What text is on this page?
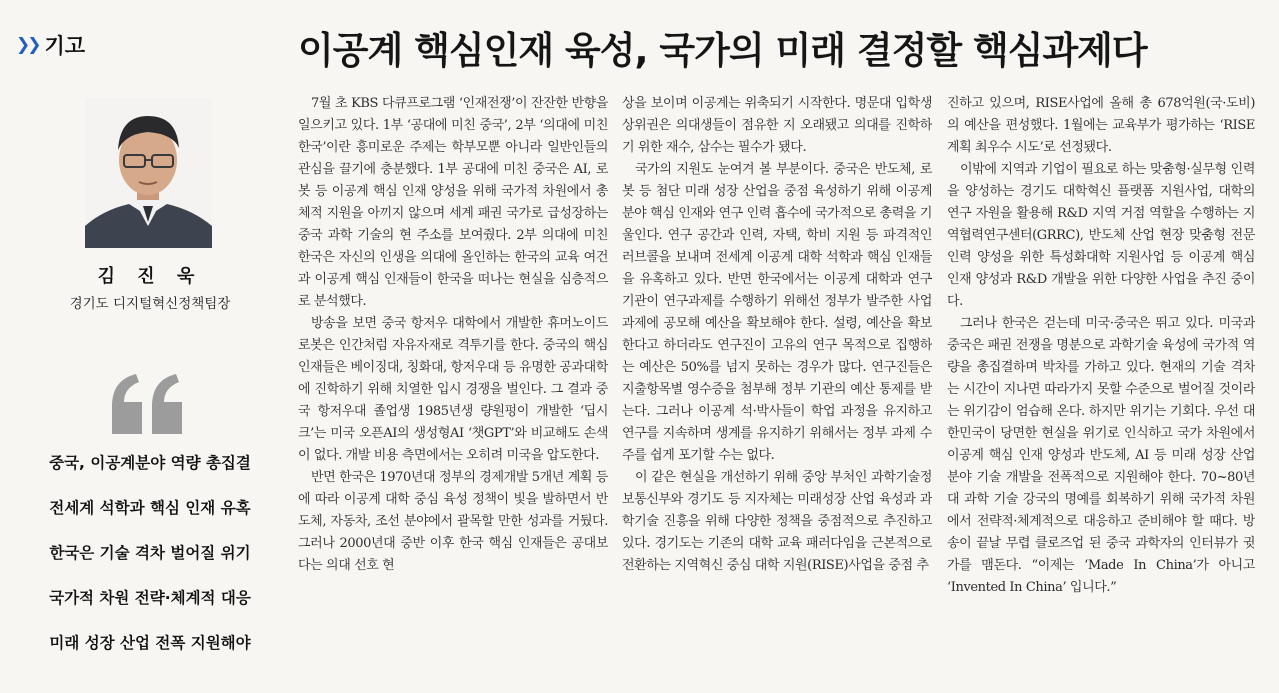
❯❯ 기고	이공계 핵심인재 육성, 국가의 미래 결정할 핵심과제다
김 진 욱
경기도 디지털혁신정책팀장
중국, 이공계분야 역량 총집결
전세계 석학과 핵심 인재 유혹
한국은 기술 격차 벌어질 위기
국가적 차원 전략·체계적 대응
미래 성장 산업 전폭 지원해야

7월 초 KBS 다큐프로그램 ‘인재전쟁’이 잔잔한 반향을 일으키고 있다. 1부 ‘공대에 미친 중국’, 2부 ‘의대에 미친 한국’이란 흥미로운 주제는 학부모뿐 아니라 일반인들의 관심을 끌기에 충분했다. 1부 공대에 미친 중국은 AI, 로봇 등 이공계 핵심 인재 양성을 위해 국가적 차원에서 총체적 지원을 아끼지 않으며 세계 패권 국가로 급성장하는 중국 과학 기술의 현 주소를 보여줬다. 2부 의대에 미친 한국은 자신의 인생을 의대에 올인하는 한국의 교육 여건과 이공계 핵심 인재들이 한국을 떠나는 현실을 심층적으로 분석했다.

방송을 보면 중국 항저우 대학에서 개발한 휴머노이드 로봇은 인간처럼 자유자재로 격투기를 한다. 중국의 핵심 인재들은 베이징대, 칭화대, 항저우대 등 유명한 공과대학에 진학하기 위해 치열한 입시 경쟁을 벌인다. 그 결과 중국 항저우대 졸업생 1985년생 량원펑이 개발한 ‘딥시크’는 미국 오픈AI의 생성형AI ‘챗GPT’와 비교해도 손색이 없다. 개발 비용 측면에서는 오히려 미국을 압도한다.

반면 한국은 1970년대 정부의 경제개발 5개년 계획 등에 따라 이공계 대학 중심 육성 정책이 빛을 발하면서 반도체, 자동차, 조선 분야에서 괄목할 만한 성과를 거뒀다. 그러나 2000년대 중반 이후 한국 핵심 인재들은 공대보다는 의대 선호 현

상을 보이며 이공계는 위축되기 시작한다. 명문대 입학생 상위권은 의대생들이 점유한 지 오래됐고 의대를 진학하기 위한 재수, 삼수는 필수가 됐다.

국가의 지원도 눈여겨 볼 부분이다. 중국은 반도체, 로봇 등 첨단 미래 성장 산업을 중점 육성하기 위해 이공계 분야 핵심 인재와 연구 인력 흡수에 국가적으로 총력을 기울인다. 연구 공간과 인력, 자택, 학비 지원 등 파격적인 러브콜을 보내며 전세계 이공계 대학 석학과 핵심 인재들을 유혹하고 있다. 반면 한국에서는 이공계 대학과 연구 기관이 연구과제를 수행하기 위해선 정부가 발주한 사업 과제에 공모해 예산을 확보해야 한다. 설령, 예산을 확보한다고 하더라도 연구진이 고유의 연구 목적으로 집행하는 예산은 50%를 넘지 못하는 경우가 많다. 연구진들은 지출항목별 영수증을 첨부해 정부 기관의 예산 통제를 받는다. 그러나 이공계 석·박사들이 학업 과정을 유지하고 연구를 지속하며 생계를 유지하기 위해서는 정부 과제 수주를 쉽게 포기할 수는 없다.

이 같은 현실을 개선하기 위해 중앙 부처인 과학기술정보통신부와 경기도 등 지자체는 미래성장 산업 육성과 과학기술 진흥을 위해 다양한 정책을 중점적으로 추진하고 있다. 경기도는 기존의 대학 교육 패러다임을 근본적으로 전환하는 지역혁신 중심 대학 지원(RISE)사업을 중점 추

진하고 있으며, RISE사업에 올해 총 678억원(국·도비)의 예산을 편성했다. 1월에는 교육부가 평가하는 ‘RISE 계획 최우수 시도’로 선정됐다.

이밖에 지역과 기업이 필요로 하는 맞춤형·실무형 인력을 양성하는 경기도 대학혁신 플랫폼 지원사업, 대학의 연구 자원을 활용해 R&D 지역 거점 역할을 수행하는 지역협력연구센터(GRRC), 반도체 산업 현장 맞춤형 전문인력 양성을 위한 특성화대학 지원사업 등 이공계 핵심 인재 양성과 R&D 개발을 위한 다양한 사업을 추진 중이다.

그러나 한국은 걷는데 미국·중국은 뛰고 있다. 미국과 중국은 패권 전쟁을 명분으로 과학기술 육성에 국가적 역량을 총집결하며 박차를 가하고 있다. 현재의 기술 격차는 시간이 지나면 따라가지 못할 수준으로 벌어질 것이라는 위기감이 엄습해 온다. 하지만 위기는 기회다. 우선 대한민국이 당면한 현실을 위기로 인식하고 국가 차원에서 이공계 핵심 인재 양성과 반도체, AI 등 미래 성장 산업 분야 기술 개발을 전폭적으로 지원해야 한다. 70~80년대 과학 기술 강국의 명예를 회복하기 위해 국가적 차원에서 전략적·체계적으로 대응하고 준비해야 할 때다. 방송이 끝날 무렵 클로즈업 된 중국 과학자의 인터뷰가 귓가를 맴돈다. “이제는 ‘Made In China’가 아니고 ‘Invented In China’ 입니다.”
